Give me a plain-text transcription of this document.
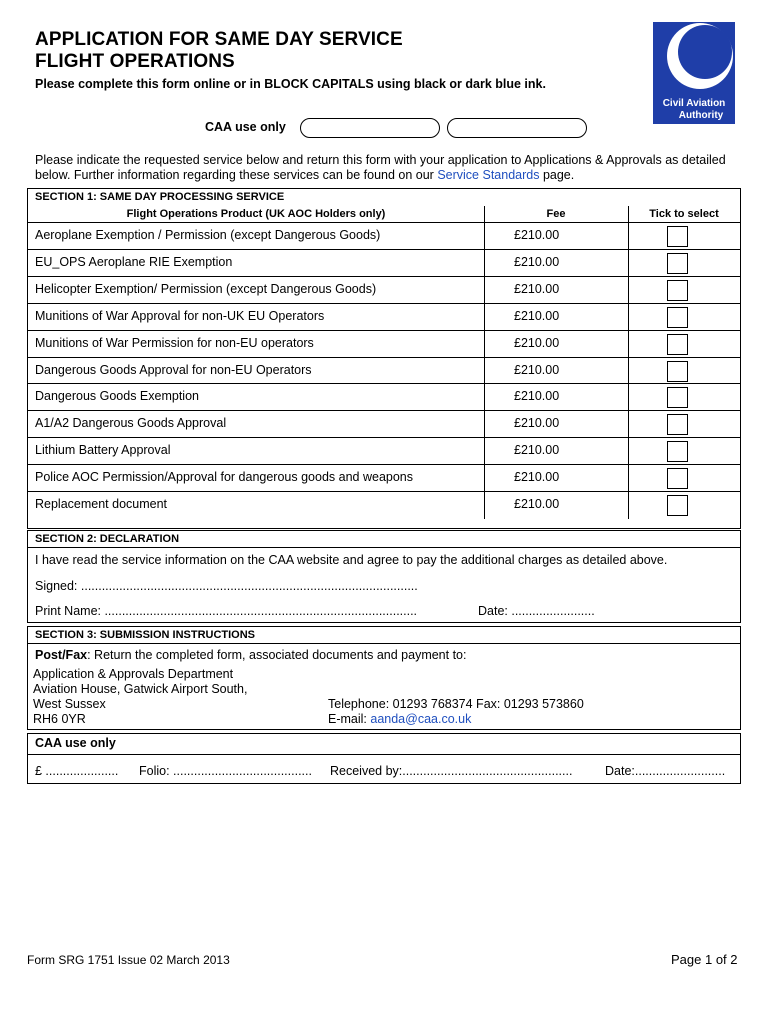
APPLICATION FOR SAME DAY SERVICE
FLIGHT OPERATIONS
Please complete this form online or in BLOCK CAPITALS using black or dark blue ink.
Civil Aviation
Authority
CAA use only
Please indicate the requested service below and return this form with your application to Applications & Approvals as detailed below. Further information regarding these services can be found on our Service Standards page.
SECTION 1: SAME DAY PROCESSING SERVICE
Flight Operations Product (UK AOC Holders only)	Fee	Tick to select
Aeroplane Exemption / Permission (except Dangerous Goods)	£210.00
EU_OPS Aeroplane RIE Exemption	£210.00
Helicopter Exemption/ Permission (except Dangerous Goods)	£210.00
Munitions of War Approval for non-UK EU Operators	£210.00
Munitions of War Permission for non-EU operators	£210.00
Dangerous Goods Approval for non-EU Operators	£210.00
Dangerous Goods Exemption	£210.00
A1/A2 Dangerous Goods Approval	£210.00
Lithium Battery Approval	£210.00
Police AOC Permission/Approval for dangerous goods and weapons	£210.00
Replacement document	£210.00
SECTION 2: DECLARATION
I have read the service information on the CAA website and agree to pay the additional charges as detailed above.
Signed: .................................................................................................
Print Name: ..........................................................................................	Date: ........................
SECTION 3: SUBMISSION INSTRUCTIONS
Post/Fax: Return the completed form, associated documents and payment to:
Application & Approvals Department
Aviation House, Gatwick Airport South,
West Sussex
RH6 0YR
Telephone: 01293 768374 Fax: 01293 573860
E-mail: aanda@caa.co.uk
CAA use only
£ ..................... Folio: ........................................ Received by:.................................................	Date:..........................
Form SRG 1751 Issue 02 March 2013	Page 1 of 2
